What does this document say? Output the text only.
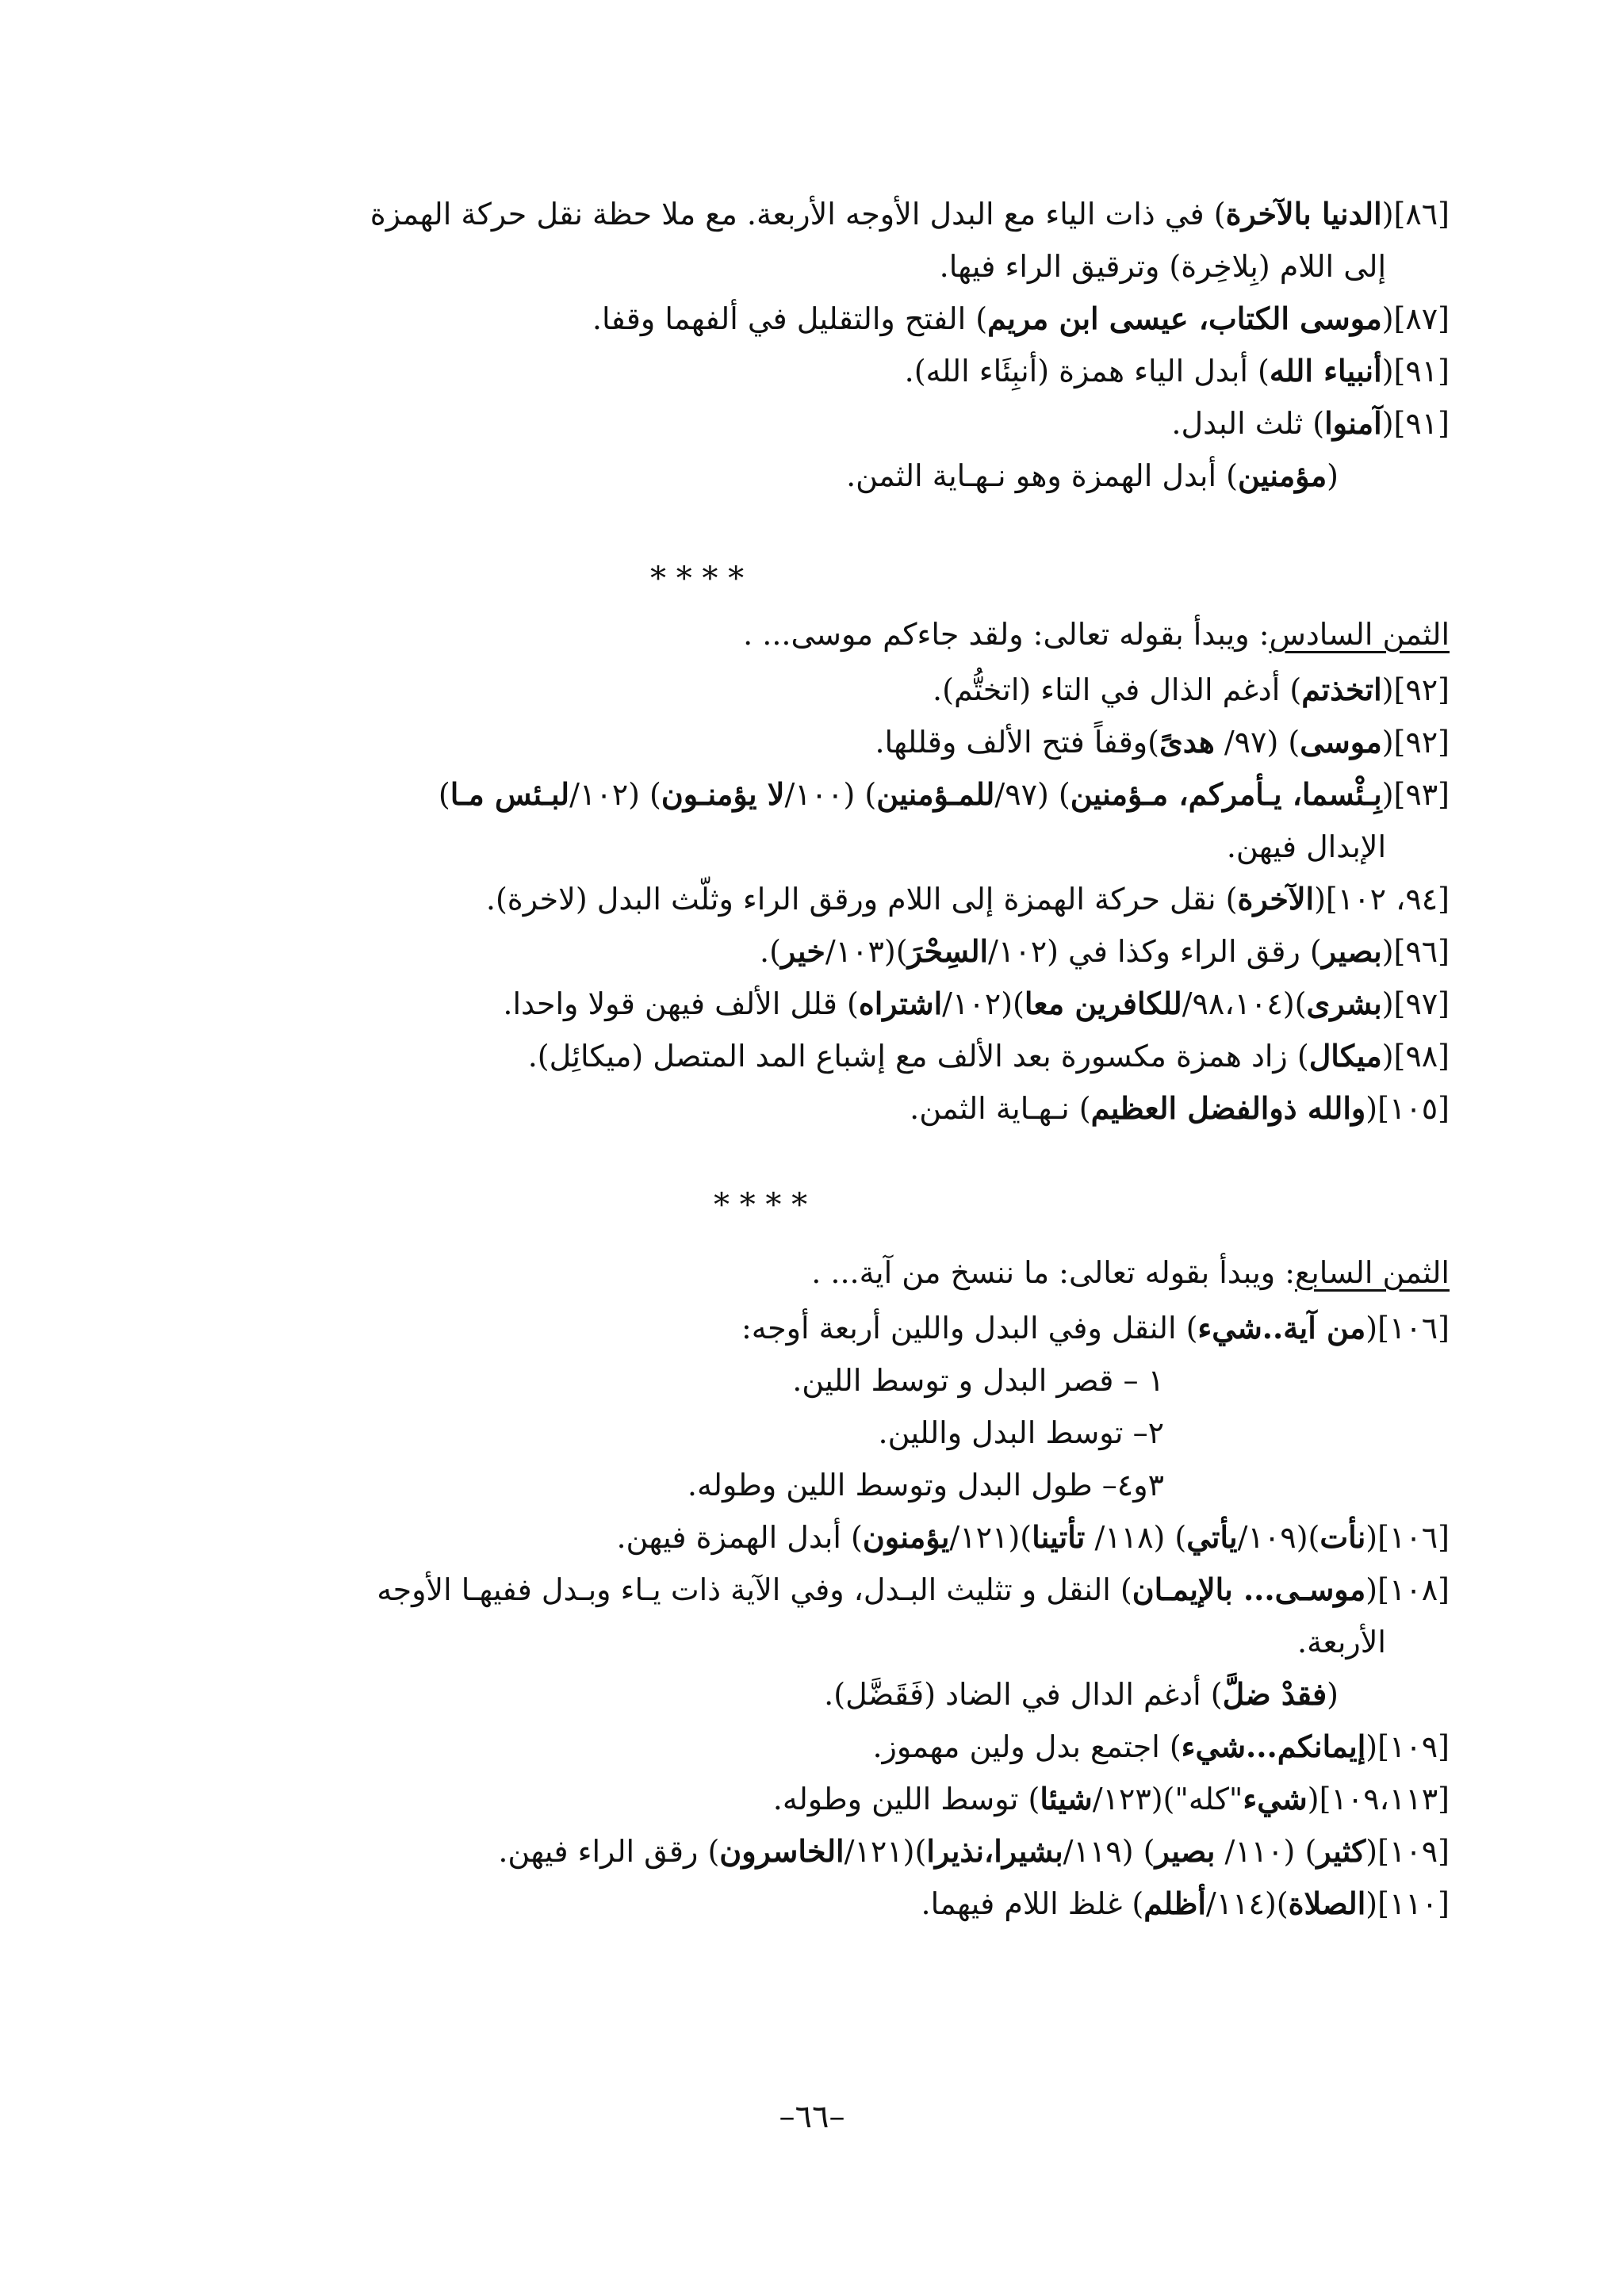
[٨٦](الدنيا بالآخرة) في ذات الياء مع البدل الأوجه الأربعة. مع ملا حظة نقل حركة الهمزة
إلى اللام (بِلاخِرة) وترقيق الراء فيها.
[٨٧](موسى الكتاب، عيسى ابن مريم) الفتح والتقليل في ألفهما وقفا.
[٩١](أنبياء الله) أبدل الياء همزة (أنبِئَاء الله).
[٩١](آمنوا) ثلث البدل.
(مؤمنين) أبدل الهمزة وهو نـهـاية الثمن.
* * * *
الثمن السادس: ويبدأ بقوله تعالى: ولقد جاءكم موسى... .
[٩٢](اتخذتم) أدغم الذال في التاء (اتختُّم).
[٩٢](موسى) (٩٧/ هدىً)وقفاً فتح الألف وقللها.
[٩٣](بِـئْسما، يـأمركم، مـؤمنين) (٩٧/للمـؤمنين) (١٠٠/لا يؤمنـون) (١٠٢/لبـئس مـا)
الإبدال فيهن.
[٩٤، ١٠٢](الآخرة) نقل حركة الهمزة إلى اللام ورقق الراء وثلّث البدل (لاخرة).
[٩٦](بصير) رقق الراء وكذا في (١٠٢/السِحْرَ)(١٠٣/خير).
[٩٧](بشرى)(٩٨،١٠٤/للكافرين معا)(١٠٢/اشتراه) قلل الألف فيهن قولا واحدا.
[٩٨](ميكال) زاد همزة مكسورة بعد الألف مع إشباع المد المتصل (ميكائِل).
[١٠٥](والله ذوالفضل العظيم) نـهـاية الثمن.
* * * *
الثمن السابع: ويبدأ بقوله تعالى: ما ننسخ من آية... .
[١٠٦](من آية..شيء) النقل وفي البدل واللين أربعة أوجه:
١ – قصر البدل و توسط اللين.
٢– توسط البدل واللين.
٣و٤– طول البدل وتوسط اللين وطوله.
[١٠٦](نأت)(١٠٩/يأتي) (١١٨/ تأتينا)(١٢١/يؤمنون) أبدل الهمزة فيهن.
[١٠٨](موسـى... بالإيمـان) النقل و تثليث البـدل، وفي الآية ذات يـاء وبـدل ففيهـا الأوجه
الأربعة.
(فقدْ ضلَّ) أدغم الدال في الضاد (فَقَضَّل).
[١٠٩](إيمانكم...شيء) اجتمع بدل ولين مهموز.
[١٠٩،١١٣](شيء"كله")(١٢٣/شيئا) توسط اللين وطوله.
[١٠٩](كثير) (١١٠/ بصير) (١١٩/بشيرا،نذيرا)(١٢١/الخاسرون) رقق الراء فيهن.
[١١٠](الصلاة)(١١٤/أظلم) غلظ اللام فيهما.
–٦٦–
